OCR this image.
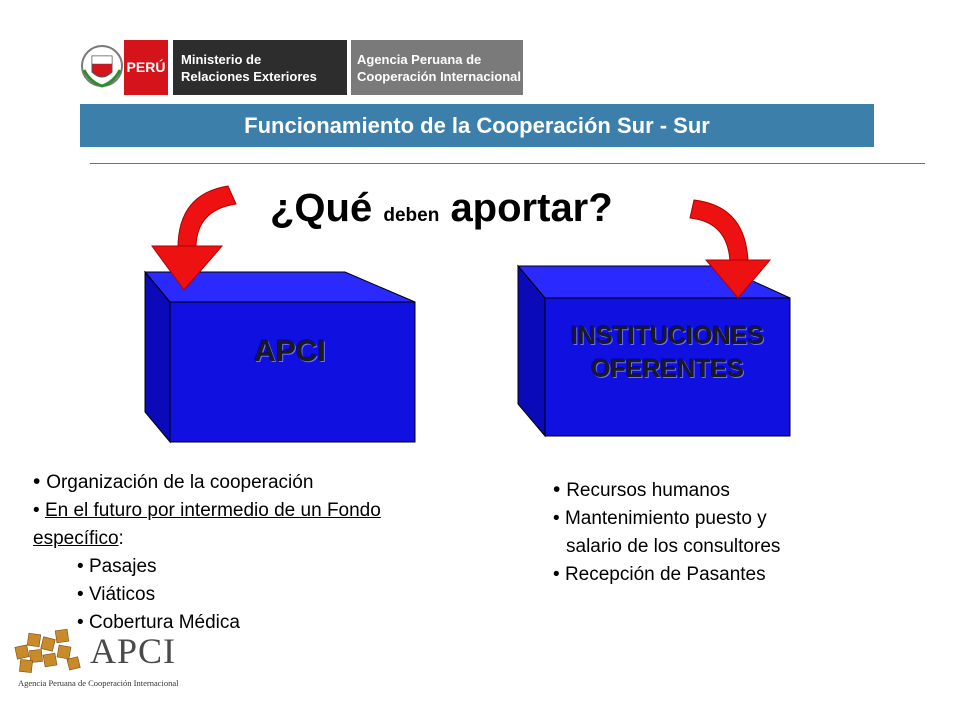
PERÚ Ministerio de
Relaciones Exteriores
Agencia Peruana de
Cooperación Internacional
Funcionamiento de la Cooperación Sur - Sur
¿Qué deben aportar?
APCI	INSTITUCIONES
OFERENTES
• Organización de la cooperación
• En el futuro por intermedio de un Fondo
específico:
• Pasajes
• Viáticos
• Cobertura Médica
• Recursos humanos
• Mantenimiento puesto y
salario de los consultores
• Recepción de Pasantes
APCI
Agencia Peruana de Cooperación Internacional
